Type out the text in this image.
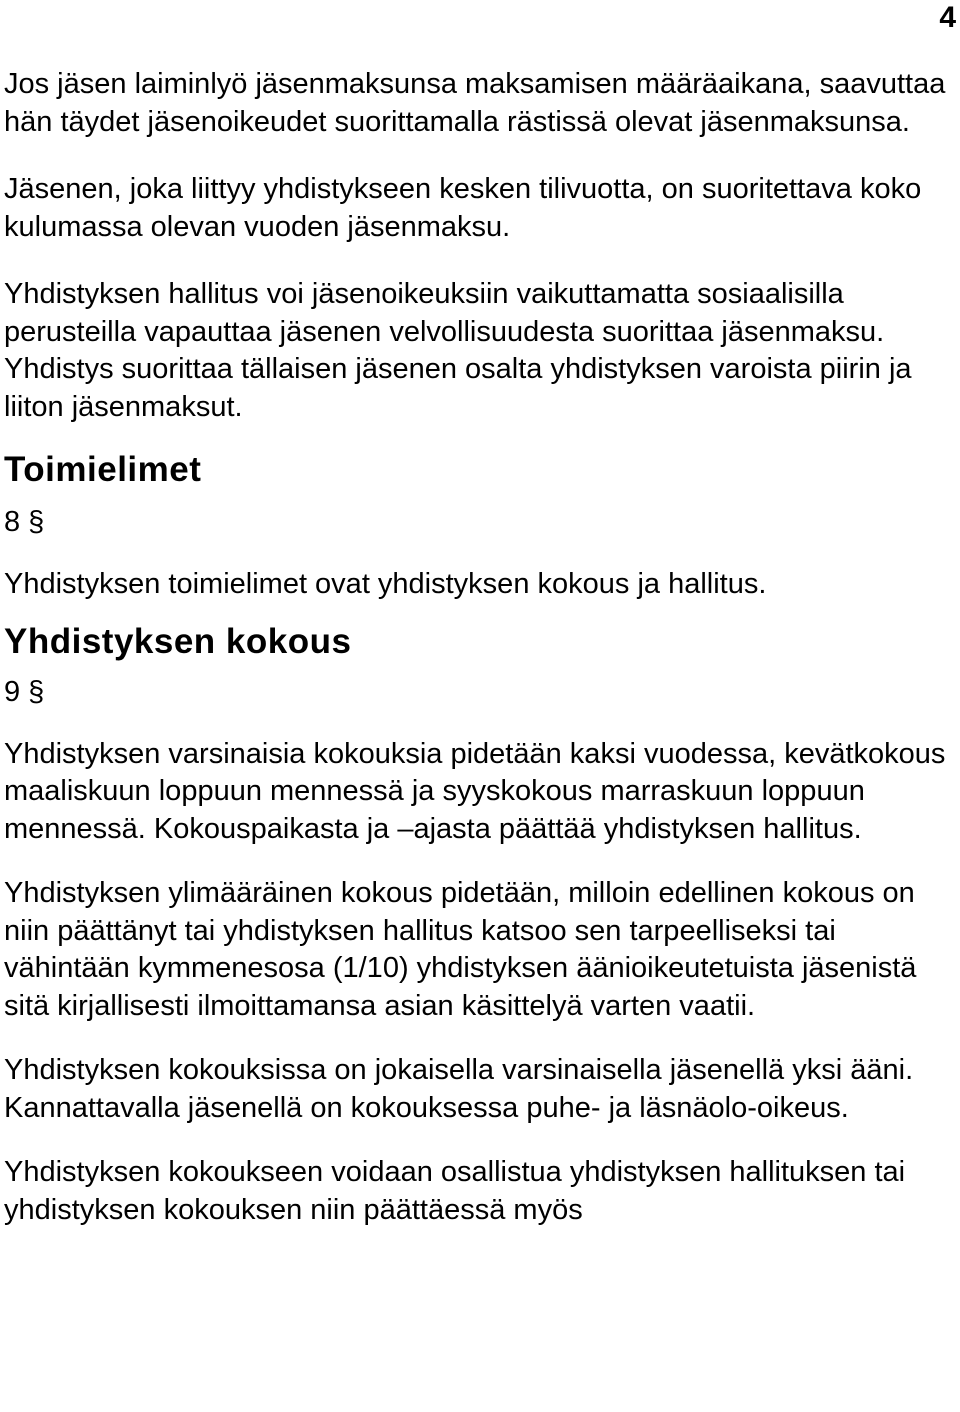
4

Jos jäsen laiminlyö jäsenmaksunsa maksamisen määräaikana, saavuttaa hän täydet jäsenoikeudet suorittamalla rästissä olevat jäsenmaksunsa.

Jäsenen, joka liittyy yhdistykseen kesken tilivuotta, on suoritettava koko kulumassa olevan vuoden jäsenmaksu.

Yhdistyksen hallitus voi jäsenoikeuksiin vaikuttamatta sosiaalisilla perusteilla vapauttaa jäsenen velvollisuudesta suorittaa jäsenmaksu. Yhdistys suorittaa tällaisen jäsenen osalta yhdistyksen varoista piirin ja liiton jäsenmaksut.

Toimielimet
8 §

Yhdistyksen toimielimet ovat yhdistyksen kokous ja hallitus.

Yhdistyksen kokous
9 §

Yhdistyksen varsinaisia kokouksia pidetään kaksi vuodessa, kevätkokous maaliskuun loppuun mennessä ja syyskokous marraskuun loppuun mennessä. Kokouspaikasta ja –ajasta päättää yhdistyksen hallitus.

Yhdistyksen ylimääräinen kokous pidetään, milloin edellinen kokous on niin päättänyt tai yhdistyksen hallitus katsoo sen tarpeelliseksi tai vähintään kymmenesosa (1/10) yhdistyksen äänioikeutetuista jäsenistä sitä kirjallisesti ilmoittamansa asian käsittelyä varten vaatii.

Yhdistyksen kokouksissa on jokaisella varsinaisella jäsenellä yksi ääni. Kannattavalla jäsenellä on kokouksessa puhe- ja läsnäolo-oikeus.

Yhdistyksen kokoukseen voidaan osallistua yhdistyksen hallituksen tai yhdistyksen kokouksen niin päättäessä myös
